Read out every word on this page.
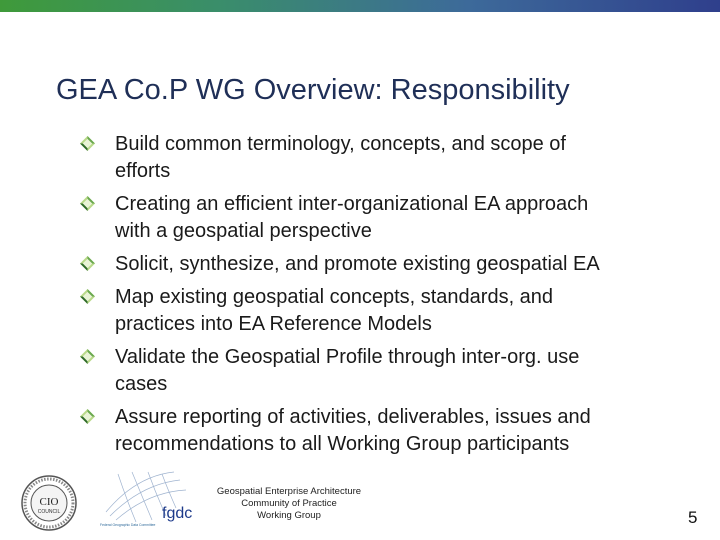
GEA Co.P WG Overview: Responsibility
Build common terminology, concepts, and scope of
efforts
Creating an efficient inter-organizational EA approach
with a geospatial perspective
Solicit, synthesize, and promote existing geospatial EA
Map existing geospatial concepts, standards, and
practices into EA Reference Models
Validate the Geospatial Profile through inter-org. use
cases
Assure reporting of activities, deliverables, issues and
recommendations to all Working Group participants
CIO
COUNCIL	fgdc
Federal Geographic Data Committee
Geospatial Enterprise Architecture
Community of Practice
Working Group	5
